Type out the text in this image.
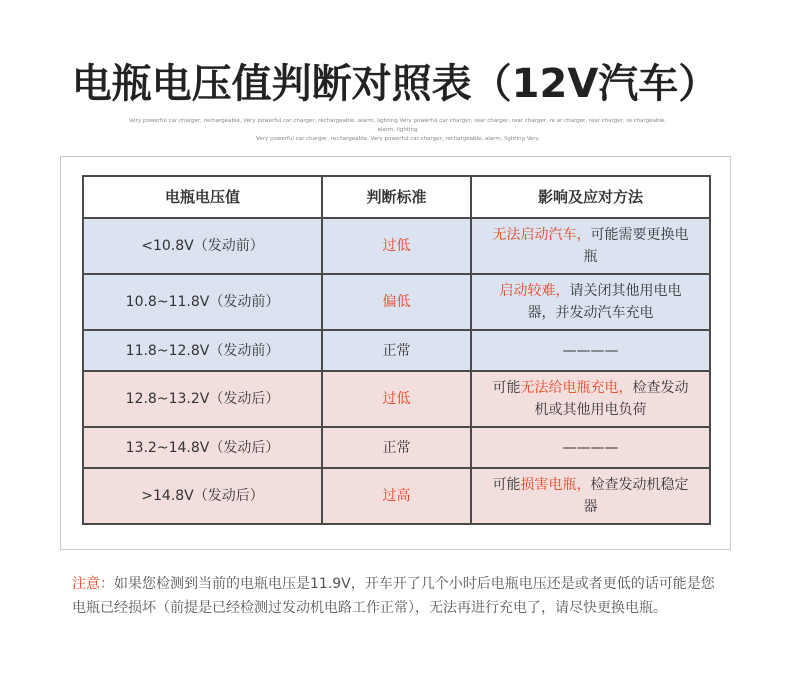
电瓶电压值判断对照表（12V汽车）
Very powerful car charger, rechargeable, Very powerful car charger, rechargeable, alarm, lighting Very powerful car charger, rear charger, rear charger, re ar charger, rear charger, re chargeable, alarm, lighting
Very powerful car charger, rechargeable, Very powerful car charger, rechargeable, alarm, lighting Very
电瓶电压值	判断标准	影响及应对方法
<10.8V（发动前）	过低	无法启动汽车，可能需要更换电瓶
10.8~11.8V（发动前）	偏低	启动较难，请关闭其他用电电器，并发动汽车充电
11.8~12.8V（发动前）	正常	————
12.8~13.2V（发动后）	过低	可能无法给电瓶充电，检查发动机或其他用电负荷
13.2~14.8V（发动后）	正常	————
>14.8V（发动后）	过高	可能损害电瓶，检查发动机稳定器
注意：如果您检测到当前的电瓶电压是11.9V，开车开了几个小时后电瓶电压还是或者更低的话可能是您电瓶已经损坏（前提是已经检测过发动机电路工作正常），无法再进行充电了，请尽快更换电瓶。
